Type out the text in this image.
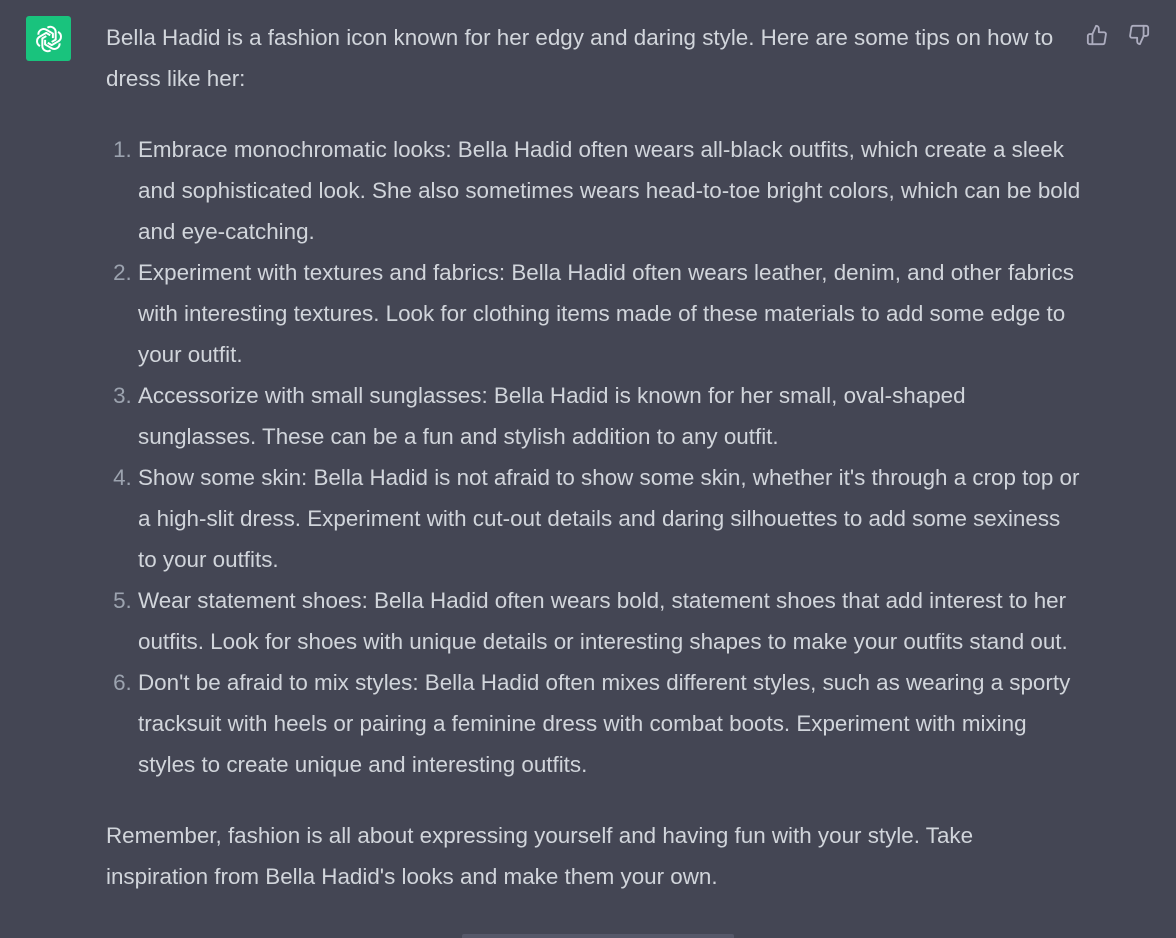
Bella Hadid is a fashion icon known for her edgy and daring style. Here are some tips on how to dress like her:

1. Embrace monochromatic looks: Bella Hadid often wears all-black outfits, which create a sleek and sophisticated look. She also sometimes wears head-to-toe bright colors, which can be bold and eye-catching.
2. Experiment with textures and fabrics: Bella Hadid often wears leather, denim, and other fabrics with interesting textures. Look for clothing items made of these materials to add some edge to your outfit.
3. Accessorize with small sunglasses: Bella Hadid is known for her small, oval-shaped sunglasses. These can be a fun and stylish addition to any outfit.
4. Show some skin: Bella Hadid is not afraid to show some skin, whether it's through a crop top or a high-slit dress. Experiment with cut-out details and daring silhouettes to add some sexiness to your outfits.
5. Wear statement shoes: Bella Hadid often wears bold, statement shoes that add interest to her outfits. Look for shoes with unique details or interesting shapes to make your outfits stand out.
6. Don't be afraid to mix styles: Bella Hadid often mixes different styles, such as wearing a sporty tracksuit with heels or pairing a feminine dress with combat boots. Experiment with mixing styles to create unique and interesting outfits.

Remember, fashion is all about expressing yourself and having fun with your style. Take inspiration from Bella Hadid's looks and make them your own.
